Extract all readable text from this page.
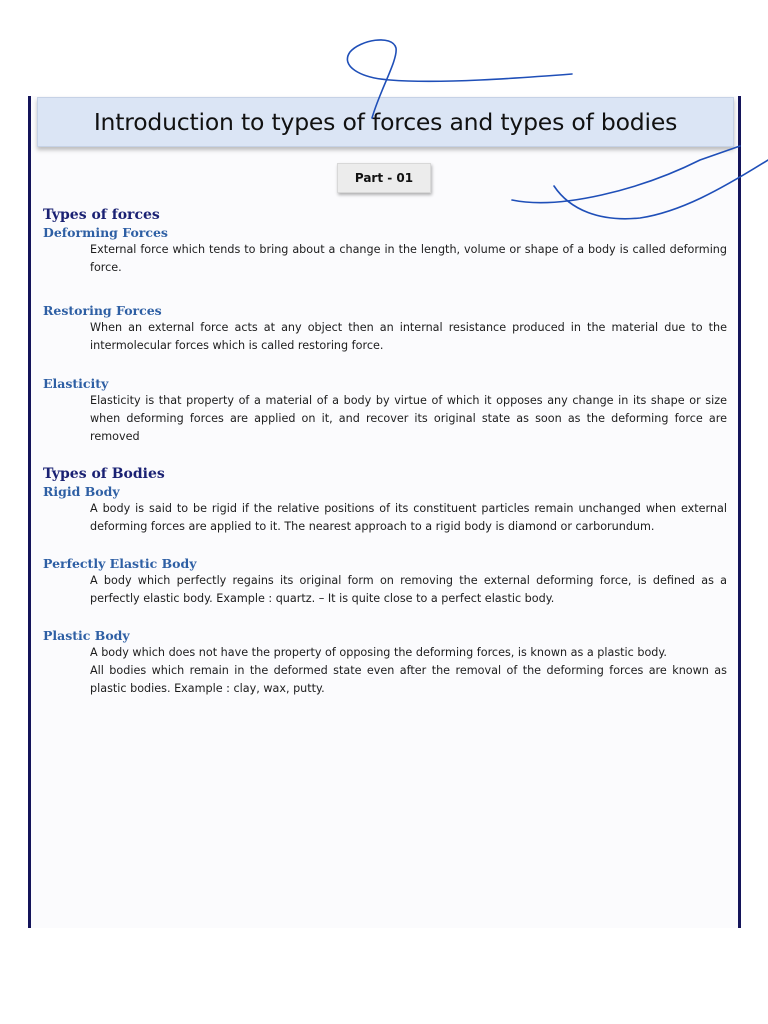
Introduction to types of forces and types of bodies
Part - 01
Types of forces
Deforming Forces

External force which tends to bring about a change in the length, volume or shape of a body is called deforming force.

Restoring Forces

When an external force acts at any object then an internal resistance produced in the material due to the intermolecular forces which is called restoring force.

Elasticity

Elasticity is that property of a material of a body by virtue of which it opposes any change in its shape or size when deforming forces are applied on it, and recover its original state as soon as the deforming force are removed

Types of Bodies
Rigid Body

A body is said to be rigid if the relative positions of its constituent particles remain unchanged when external deforming forces are applied to it. The nearest approach to a rigid body is diamond or carborundum.

Perfectly Elastic Body

A body which perfectly regains its original form on removing the external deforming force, is defined as a perfectly elastic body. Example : quartz. – It is quite close to a perfect elastic body.

Plastic Body

A body which does not have the property of opposing the deforming forces, is known as a plastic body.

All bodies which remain in the deformed state even after the removal of the deforming forces are known as plastic bodies. Example : clay, wax, putty.
